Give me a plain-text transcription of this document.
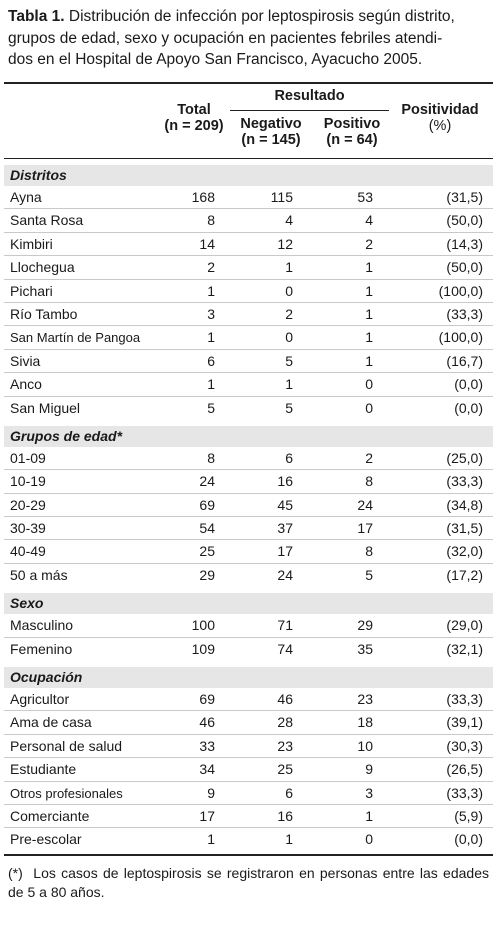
Tabla 1. Distribución de infección por leptospirosis según distrito,
grupos de edad, sexo y ocupación en pacientes febriles atendi-
dos en el Hospital de Apoyo San Francisco, Ayacucho 2005.
Total
(n = 209)
Resultado
Negativo
(n = 145)
Positivo
(n = 64)
Positividad
(%)
Distritos
Ayna	168	115	53	(31,5)
Santa Rosa	8	4	4	(50,0)
Kimbiri	14	12	2	(14,3)
Llochegua	2	1	1	(50,0)
Pichari	1	0	1	(100,0)
Río Tambo	3	2	1	(33,3)
San Martín de Pangoa	1	0	1	(100,0)
Sivia	6	5	1	(16,7)
Anco	1	1	0	(0,0)
San Miguel	5	5	0	(0,0)
Grupos de edad*
01-09	8	6	2	(25,0)
10-19	24	16	8	(33,3)
20-29	69	45	24	(34,8)
30-39	54	37	17	(31,5)
40-49	25	17	8	(32,0)
50 a más	29	24	5	(17,2)
Sexo
Masculino	100	71	29	(29,0)
Femenino	109	74	35	(32,1)
Ocupación
Agricultor	69	46	23	(33,3)
Ama de casa	46	28	18	(39,1)
Personal de salud	33	23	10	(30,3)
Estudiante	34	25	9	(26,5)
Otros profesionales	9	6	3	(33,3)
Comerciante	17	16	1	(5,9)
Pre-escolar	1	1	0	(0,0)
(*) Los casos de leptospirosis se registraron en personas entre las edades de 5 a 80 años.
